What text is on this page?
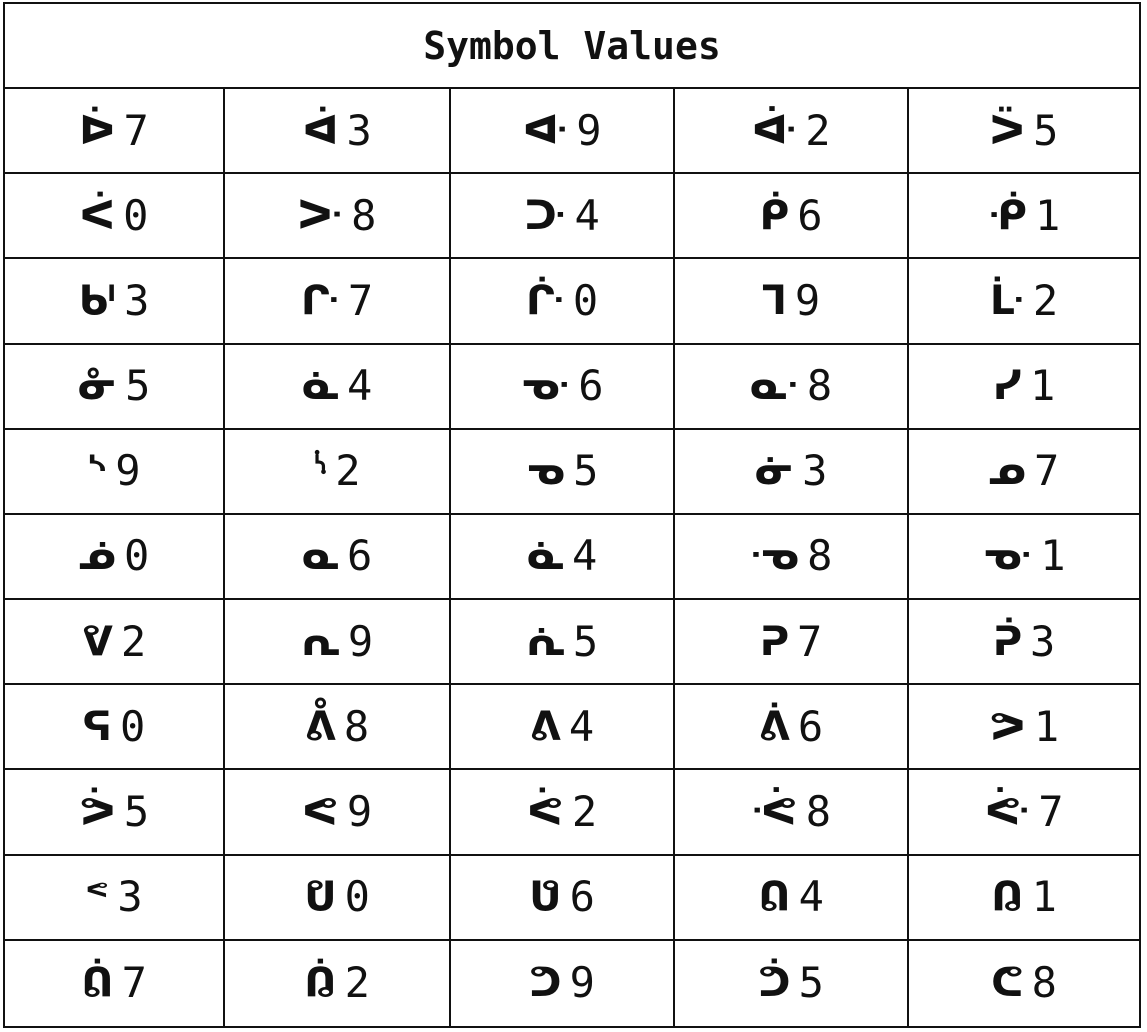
Symbol Values
ᐆ 7	ᐋ 3	ᐘ 9	ᐚ 2	ᐵ 5
ᐹ 0	ᑁ 8	ᑞ 4	ᑮ 6	ᑸ 1
ᒈ 3	ᒕ 7	ᒗ 0	ᒣ 9	ᒹ 2
ᓁ 5	ᓈ 4	ᓊ 6	ᓌ 8	ᓯ 1
ᔅ 9	ᔋ 2	ᓀ 5	ᓃ 3	ᓄ 7
ᓅ 0	ᓇ 6	ᓈ 4	ᓉ 8	ᓊ 1
ᕓ 2	ᕆ 9	ᕇ 5	ᕈ 7	ᕉ 3
ᕋ 0	ᕔ 8	ᕕ 4	ᕖ 6	ᕗ 1
ᕘ 5	ᕙ 9	ᕚ 2	ᕛ 8	ᕜ 7
ᕝ 3	ᕞ 0	ᕟ 6	ᕠ 4	ᕡ 1
ᕢ 7	ᕣ 2	ᕤ 9	ᕥ 5	ᕦ 8
